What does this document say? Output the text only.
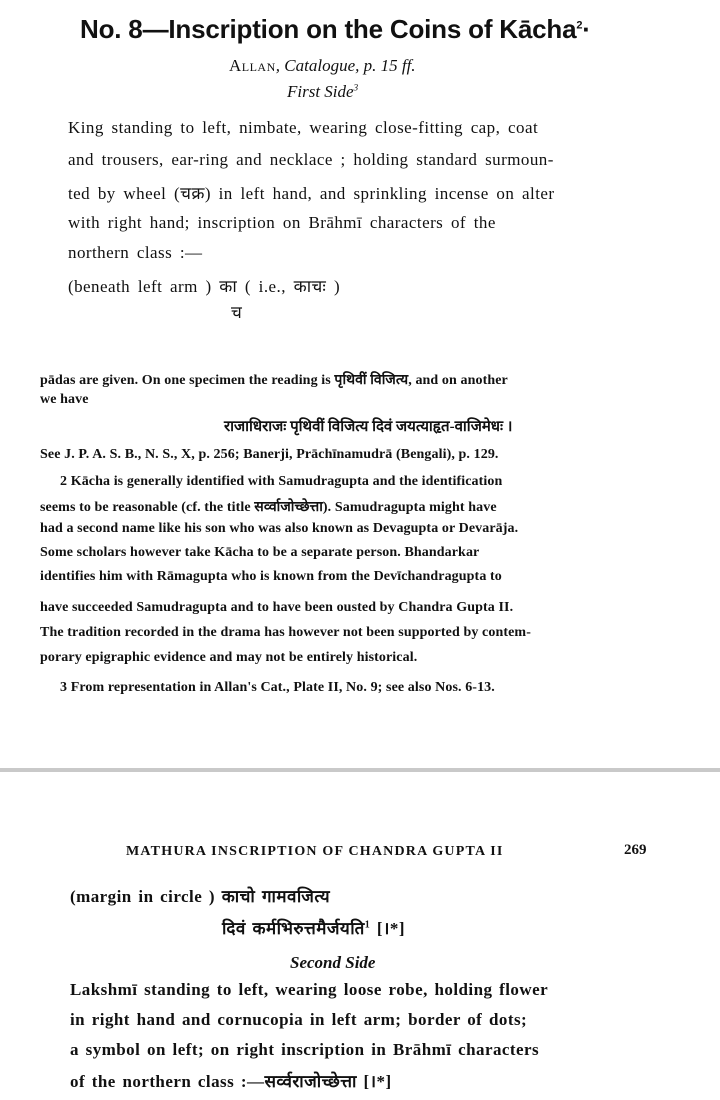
No. 8—Inscription on the Coins of Kācha$^2$·
Allan, Catalogue, p. 15 ff.
First Side$^3$
King standing to left, nimbate, wearing close-fitting cap, coat
and trousers, ear-ring and necklace ; holding standard surmoun-
ted by wheel (चक्र) in left hand, and sprinkling incense on alter
with right hand; inscription on Brāhmī characters of the
northern class :—
(beneath left arm ) का ( i.e., काचः )
च
pādas are given. On one specimen the reading is पृथिवीं विजित्य, and on another
we have
राजाधिराजः पृथिवीं विजित्य दिवं जयत्याहृत-वाजिमेधः ।
See J. P. A. S. B., N. S., X, p. 256; Banerji, Prāchīnamudrā (Bengali), p. 129.
2 Kācha is generally identified with Samudragupta and the identification
seems to be reasonable (cf. the title सर्व्वाजोच्छेत्ता). Samudragupta might have
had a second name like his son who was also known as Devagupta or Devarāja.
Some scholars however take Kācha to be a separate person. Bhandarkar
identifies him with Rāmagupta who is known from the Devīchandragupta to
have succeeded Samudragupta and to have been ousted by Chandra Gupta II.
The tradition recorded in the drama has however not been supported by contem-
porary epigraphic evidence and may not be entirely historical.
3 From representation in Allan's Cat., Plate II, No. 9; see also Nos. 6-13.
MATHURA INSCRIPTION OF CHANDRA GUPTA II	269
(margin in circle ) काचो गामवजित्य
दिवं कर्मभिरुत्तमैर्जयति$^1$ [।*]
Second Side
Lakshmī standing to left, wearing loose robe, holding flower
in right hand and cornucopia in left arm; border of dots;
a symbol on left; on right inscription in Brāhmī characters
of the northern class :—सर्व्वराजोच्छेत्ता [।*]
